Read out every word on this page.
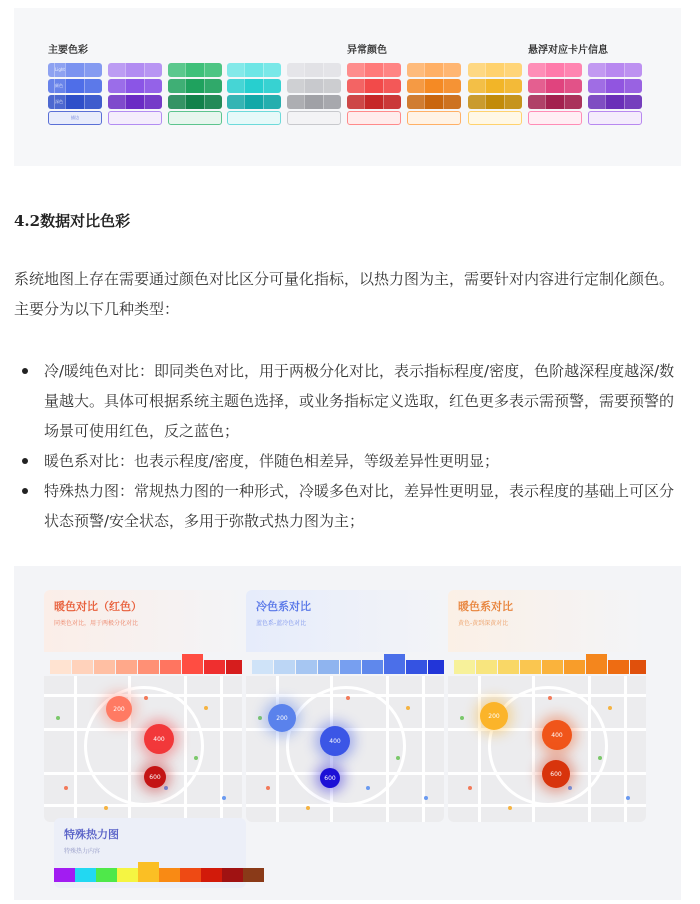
主要色彩	异常颜色	悬浮对应卡片信息
Light
颜色
深色
描边
4.2数据对比色彩
系统地图上存在需要通过颜色对比区分可量化指标，以热力图为主，需要针对内容进行定制化颜色。主要分为以下几种类型：
冷/暖纯色对比：即同类色对比，用于两极分化对比，表示指标程度/密度，色阶越深程度越深/数量越大。具体可根据系统主题色选择，或业务指标定义选取，红色更多表示需预警，需要预警的场景可使用红色，反之蓝色；
暖色系对比：也表示程度/密度，伴随色相差异，等级差异性更明显；
特殊热力图：常规热力图的一种形式，冷暖多色对比，差异性更明显，表示程度的基础上可区分状态预警/安全状态，多用于弥散式热力图为主；
暖色对比（红色）
同类色对比，用于两极分化对比
200
400
600
冷色系对比
蓝色系-蓝冷色对比
200
400
600
暖色系对比
黄色-黄到深黄对比
200
400
600
特殊热力图
特殊热力内容
